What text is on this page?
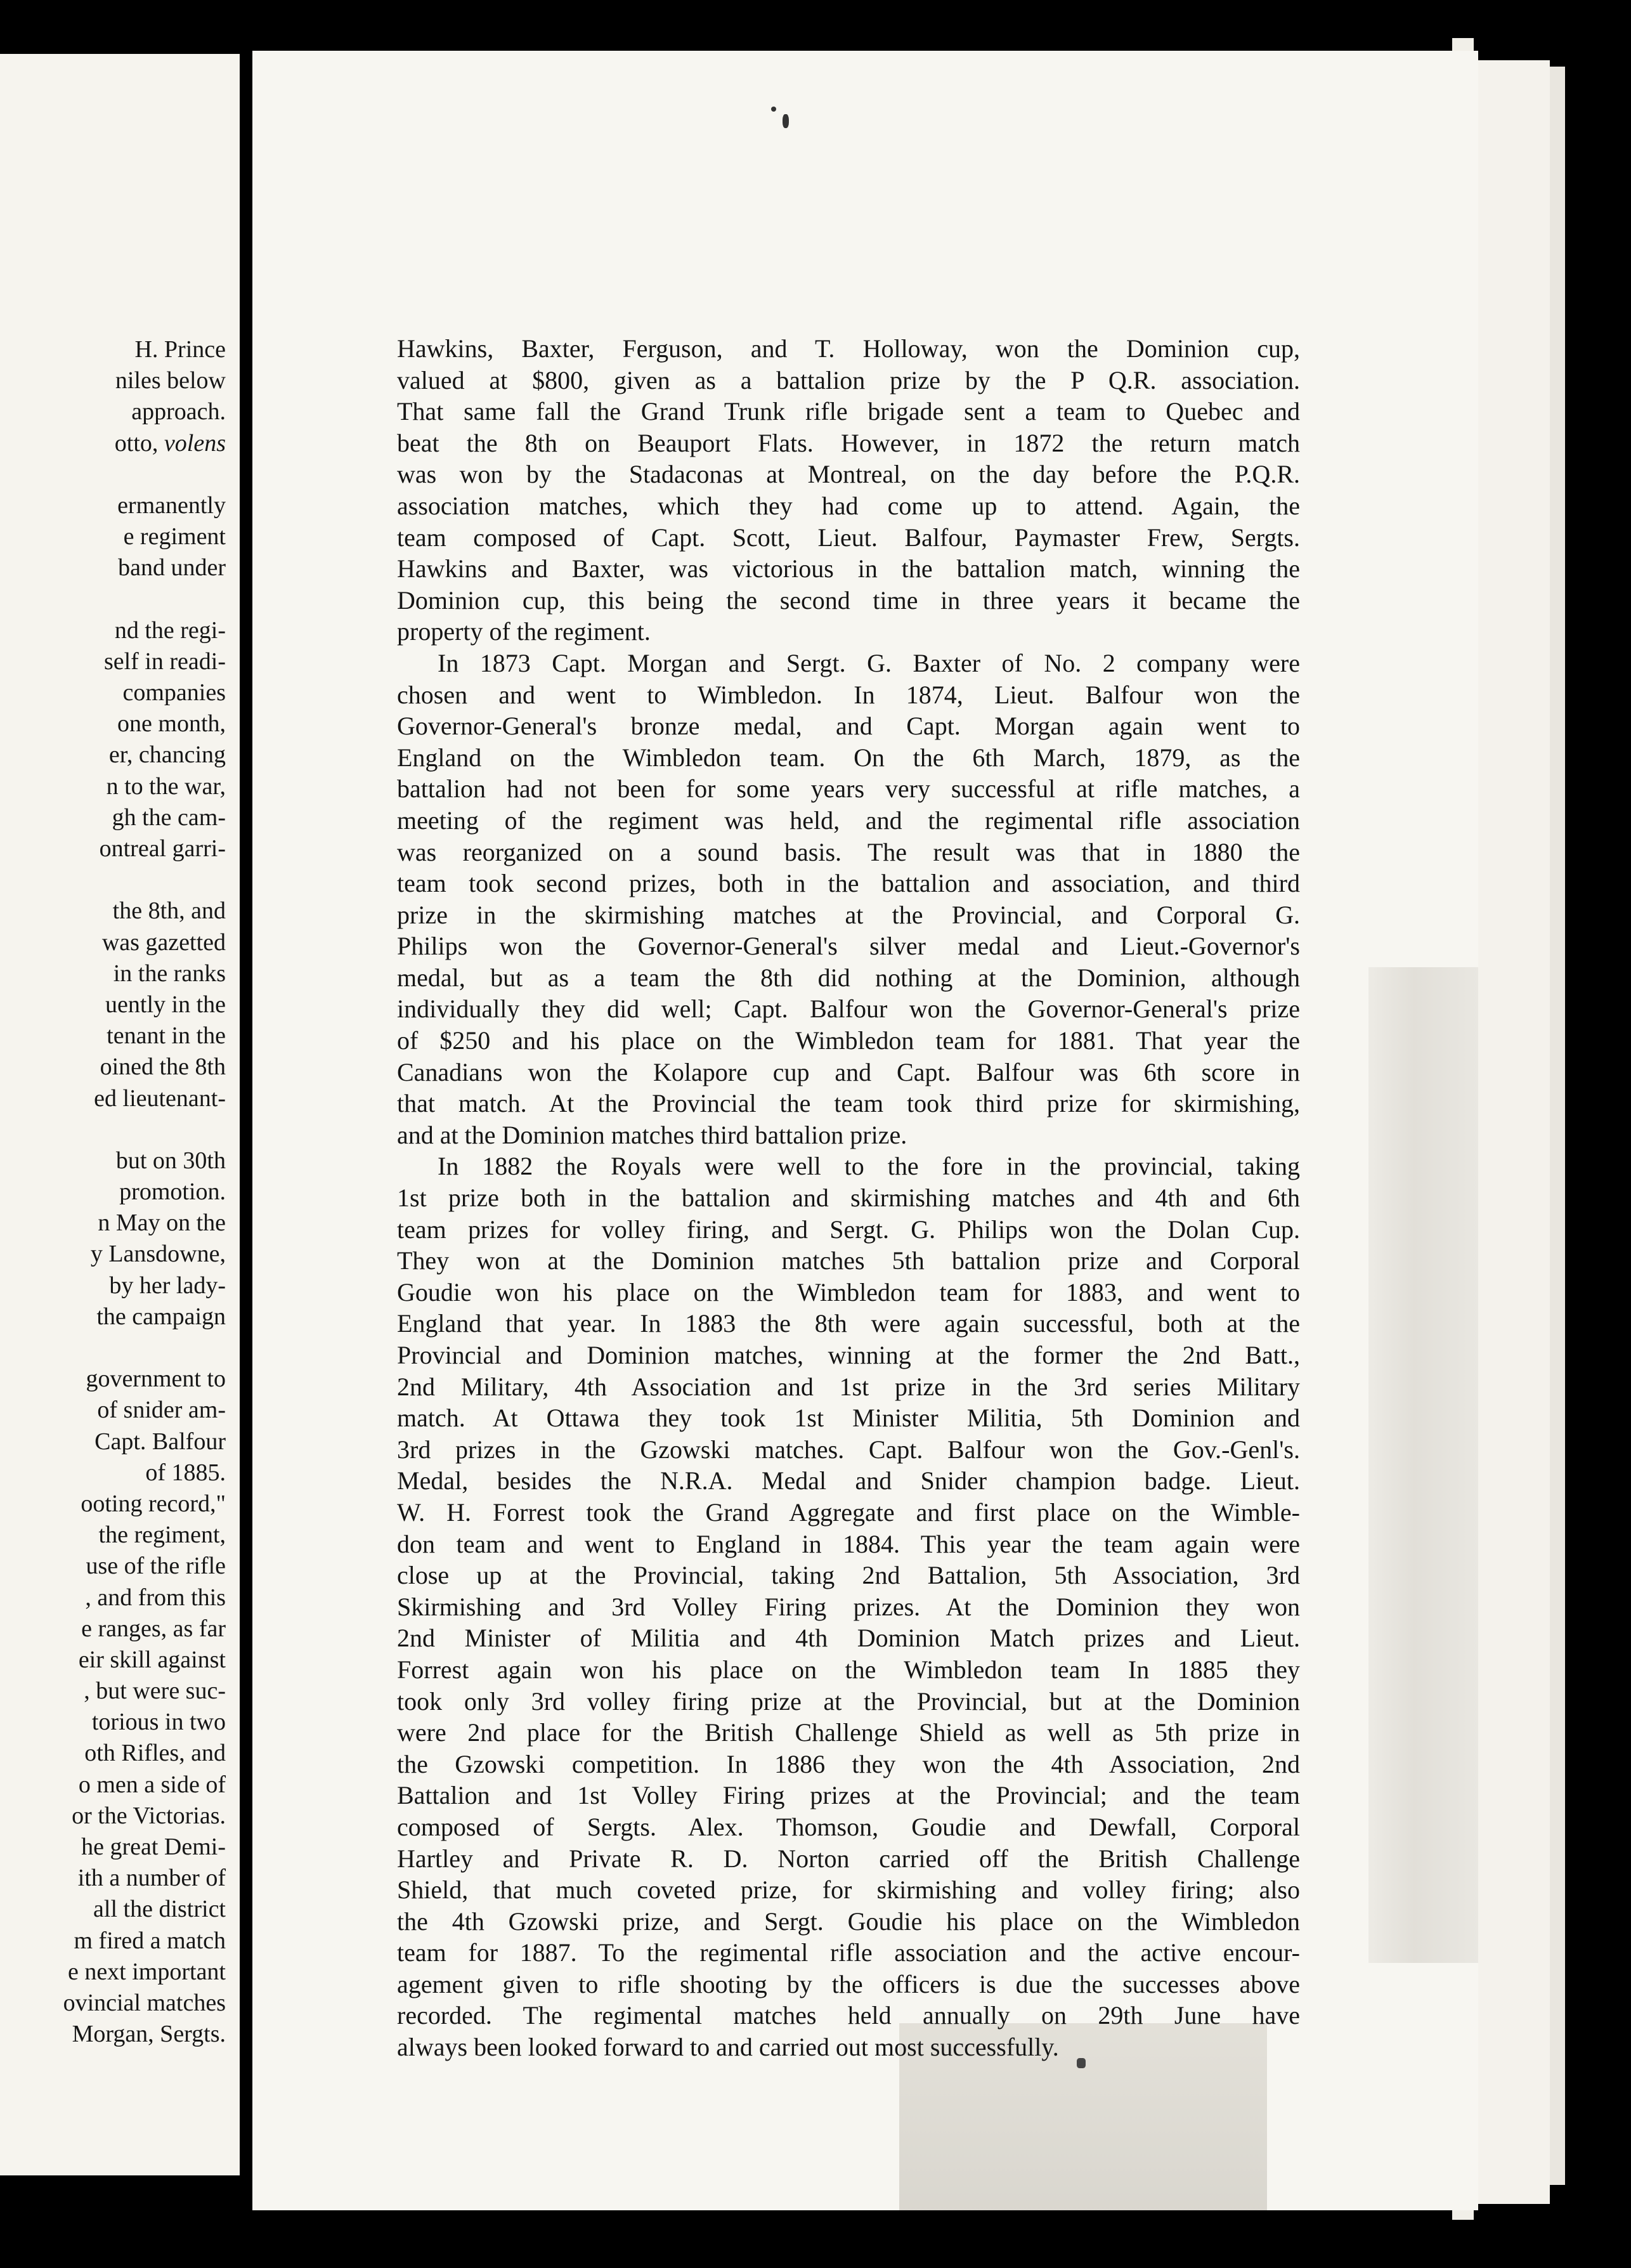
H. Prince
niles below
approach.
otto, volens
ermanently
e regiment
band under
nd the regi-
self in readi-
companies
one month,
er, chancing
n to the war,
gh the cam-
ontreal garri-
the 8th, and
was gazetted
in the ranks
uently in the
tenant in the
oined the 8th
ed lieutenant-
but on 30th
promotion.
n May on the
y Lansdowne,
by her lady-
the campaign
government to
of snider am-
Capt. Balfour
of 1885.
ooting record,"
the regiment,
use of the rifle
, and from this
e ranges, as far
eir skill against
, but were suc-
torious in two
oth Rifles, and
o men a side of
or the Victorias.
he great Demi-
ith a number of
all the district
m fired a match
e next important
ovincial matches
Morgan, Sergts.
Hawkins, Baxter, Ferguson, and T. Holloway, won the Dominion cup,
valued at $800, given as a battalion prize by the P Q.R. association.
That same fall the Grand Trunk rifle brigade sent a team to Quebec and
beat the 8th on Beauport Flats. However, in 1872 the return match
was won by the Stadaconas at Montreal, on the day before the P.Q.R.
association matches, which they had come up to attend. Again, the
team composed of Capt. Scott, Lieut. Balfour, Paymaster Frew, Sergts.
Hawkins and Baxter, was victorious in the battalion match, winning the
Dominion cup, this being the second time in three years it became the
property of the regiment.
In 1873 Capt. Morgan and Sergt. G. Baxter of No. 2 company were
chosen and went to Wimbledon. In 1874, Lieut. Balfour won the
Governor-General's bronze medal, and Capt. Morgan again went to
England on the Wimbledon team. On the 6th March, 1879, as the
battalion had not been for some years very successful at rifle matches, a
meeting of the regiment was held, and the regimental rifle association
was reorganized on a sound basis. The result was that in 1880 the
team took second prizes, both in the battalion and association, and third
prize in the skirmishing matches at the Provincial, and Corporal G.
Philips won the Governor-General's silver medal and Lieut.-Governor's
medal, but as a team the 8th did nothing at the Dominion, although
individually they did well; Capt. Balfour won the Governor-General's prize
of $250 and his place on the Wimbledon team for 1881. That year the
Canadians won the Kolapore cup and Capt. Balfour was 6th score in
that match. At the Provincial the team took third prize for skirmishing,
and at the Dominion matches third battalion prize.
In 1882 the Royals were well to the fore in the provincial, taking
1st prize both in the battalion and skirmishing matches and 4th and 6th
team prizes for volley firing, and Sergt. G. Philips won the Dolan Cup.
They won at the Dominion matches 5th battalion prize and Corporal
Goudie won his place on the Wimbledon team for 1883, and went to
England that year. In 1883 the 8th were again successful, both at the
Provincial and Dominion matches, winning at the former the 2nd Batt.,
2nd Military, 4th Association and 1st prize in the 3rd series Military
match. At Ottawa they took 1st Minister Militia, 5th Dominion and
3rd prizes in the Gzowski matches. Capt. Balfour won the Gov.-Genl's.
Medal, besides the N.R.A. Medal and Snider champion badge. Lieut.
W. H. Forrest took the Grand Aggregate and first place on the Wimble-
don team and went to England in 1884. This year the team again were
close up at the Provincial, taking 2nd Battalion, 5th Association, 3rd
Skirmishing and 3rd Volley Firing prizes. At the Dominion they won
2nd Minister of Militia and 4th Dominion Match prizes and Lieut.
Forrest again won his place on the Wimbledon team In 1885 they
took only 3rd volley firing prize at the Provincial, but at the Dominion
were 2nd place for the British Challenge Shield as well as 5th prize in
the Gzowski competition. In 1886 they won the 4th Association, 2nd
Battalion and 1st Volley Firing prizes at the Provincial; and the team
composed of Sergts. Alex. Thomson, Goudie and Dewfall, Corporal
Hartley and Private R. D. Norton carried off the British Challenge
Shield, that much coveted prize, for skirmishing and volley firing; also
the 4th Gzowski prize, and Sergt. Goudie his place on the Wimbledon
team for 1887. To the regimental rifle association and the active encour-
agement given to rifle shooting by the officers is due the successes above
recorded. The regimental matches held annually on 29th June have
always been looked forward to and carried out most successfully.
